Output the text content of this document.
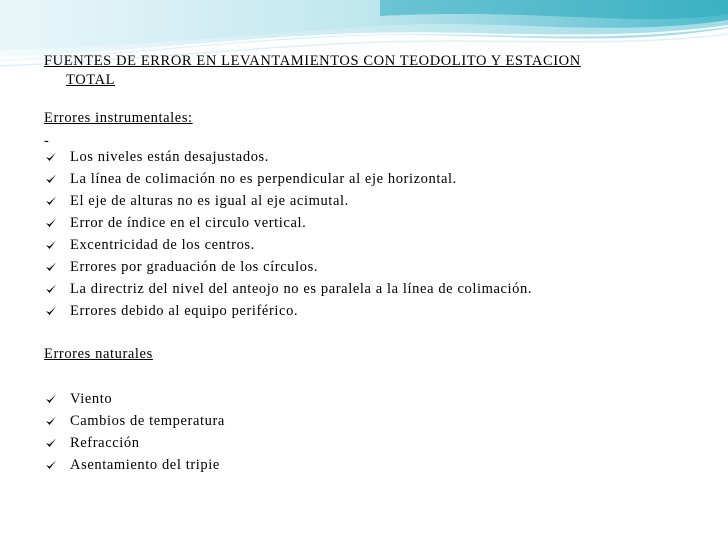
FUENTES DE ERROR EN LEVANTAMIENTOS CON TEODOLITO Y ESTACION
TOTAL
Errores instrumentales:

-

Los niveles están desajustados.
La línea de colimación no es perpendicular al eje horizontal.
El eje de alturas no es igual al eje acimutal.
Error de índice en el circulo vertical.
Excentricidad de los centros.
Errores por graduación de los círculos.
La directriz del nivel del anteojo no es paralela a la línea de colimación.
Errores debido al equipo periférico.
Errores naturales
Viento
Cambios de temperatura
Refracción
Asentamiento del tripie
